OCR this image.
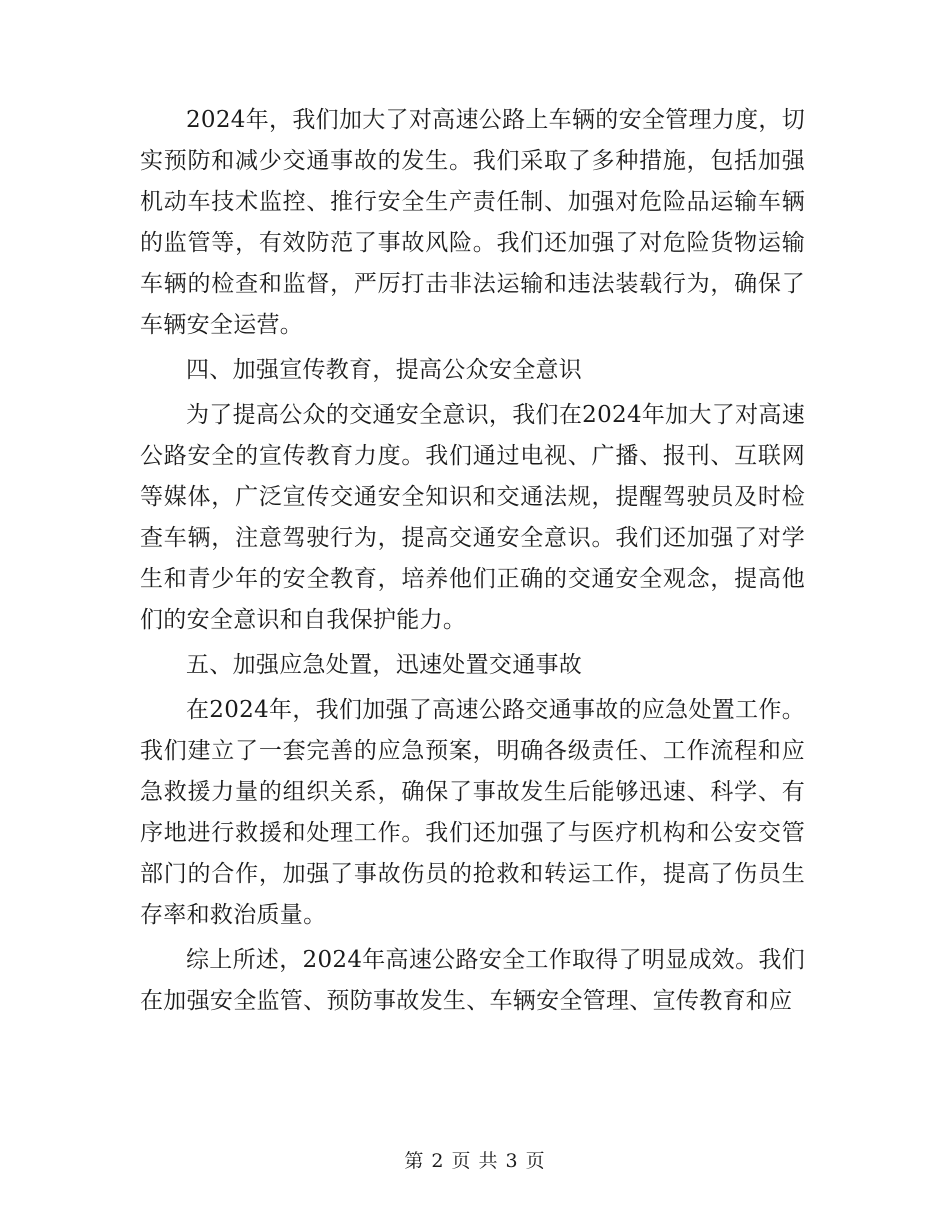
2024年，我们加大了对高速公路上车辆的安全管理力度，切实预防和减少交通事故的发生。我们采取了多种措施，包括加强机动车技术监控、推行安全生产责任制、加强对危险品运输车辆的监管等，有效防范了事故风险。我们还加强了对危险货物运输车辆的检查和监督，严厉打击非法运输和违法装载行为，确保了车辆安全运营。

四、加强宣传教育，提高公众安全意识

为了提高公众的交通安全意识，我们在2024年加大了对高速公路安全的宣传教育力度。我们通过电视、广播、报刊、互联网等媒体，广泛宣传交通安全知识和交通法规，提醒驾驶员及时检查车辆，注意驾驶行为，提高交通安全意识。我们还加强了对学生和青少年的安全教育，培养他们正确的交通安全观念，提高他们的安全意识和自我保护能力。

五、加强应急处置，迅速处置交通事故

在2024年，我们加强了高速公路交通事故的应急处置工作。我们建立了一套完善的应急预案，明确各级责任、工作流程和应急救援力量的组织关系，确保了事故发生后能够迅速、科学、有序地进行救援和处理工作。我们还加强了与医疗机构和公安交管部门的合作，加强了事故伤员的抢救和转运工作，提高了伤员生存率和救治质量。

综上所述，2024年高速公路安全工作取得了明显成效。我们在加强安全监管、预防事故发生、车辆安全管理、宣传教育和应

第 2 页 共 3 页
